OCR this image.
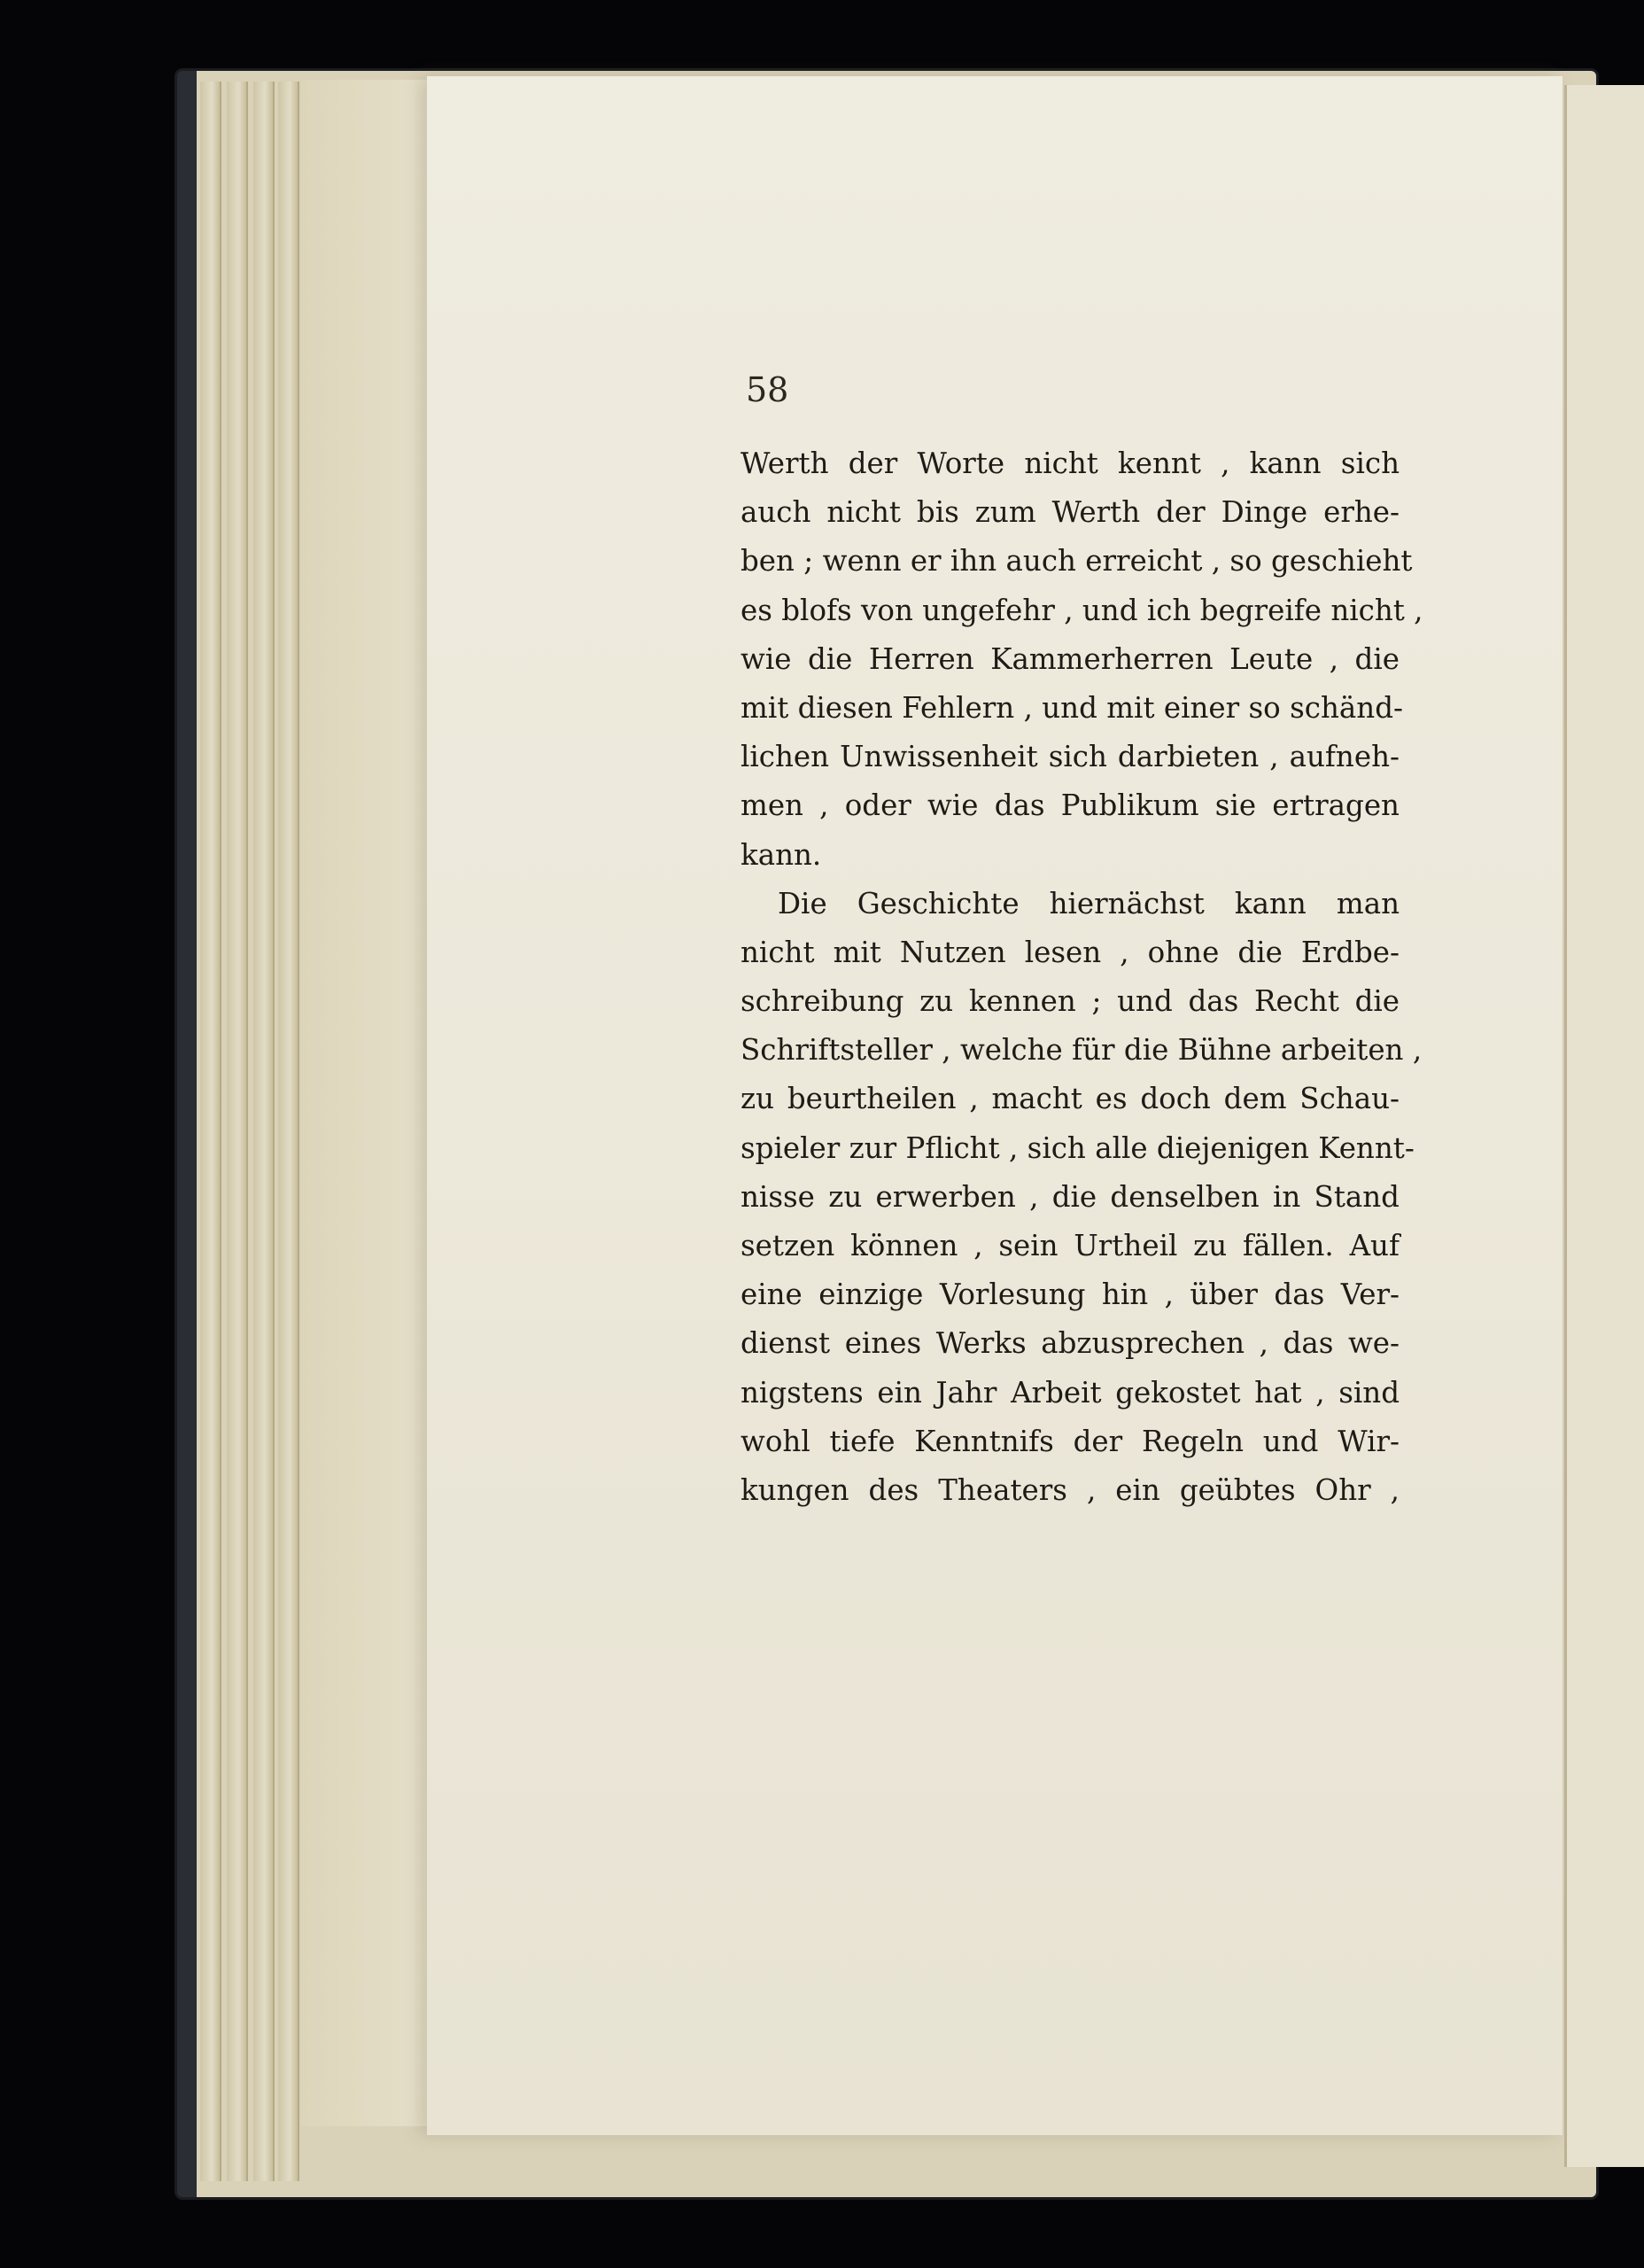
58
Werth der Worte nicht kennt , kann sich
auch nicht bis zum Werth der Dinge erhe-
ben ; wenn er ihn auch erreicht , so geschieht
es blofs von ungefehr , und ich begreife nicht ,
wie die Herren Kammerherren Leute , die
mit diesen Fehlern , und mit einer so schänd-
lichen Unwissenheit sich darbieten , aufneh-
men , oder wie das Publikum sie ertragen
kann.
Die Geschichte hiernächst kann man
nicht mit Nutzen lesen , ohne die Erdbe-
schreibung zu kennen ; und das Recht die
Schriftsteller , welche für die Bühne arbeiten ,
zu beurtheilen , macht es doch dem Schau-
spieler zur Pflicht , sich alle diejenigen Kennt-
nisse zu erwerben , die denselben in Stand
setzen können , sein Urtheil zu fällen. Auf
eine einzige Vorlesung hin , über das Ver-
dienst eines Werks abzusprechen , das we-
nigstens ein Jahr Arbeit gekostet hat , sind
wohl tiefe Kenntnifs der Regeln und Wir-
kungen des Theaters , ein geübtes Ohr ,
